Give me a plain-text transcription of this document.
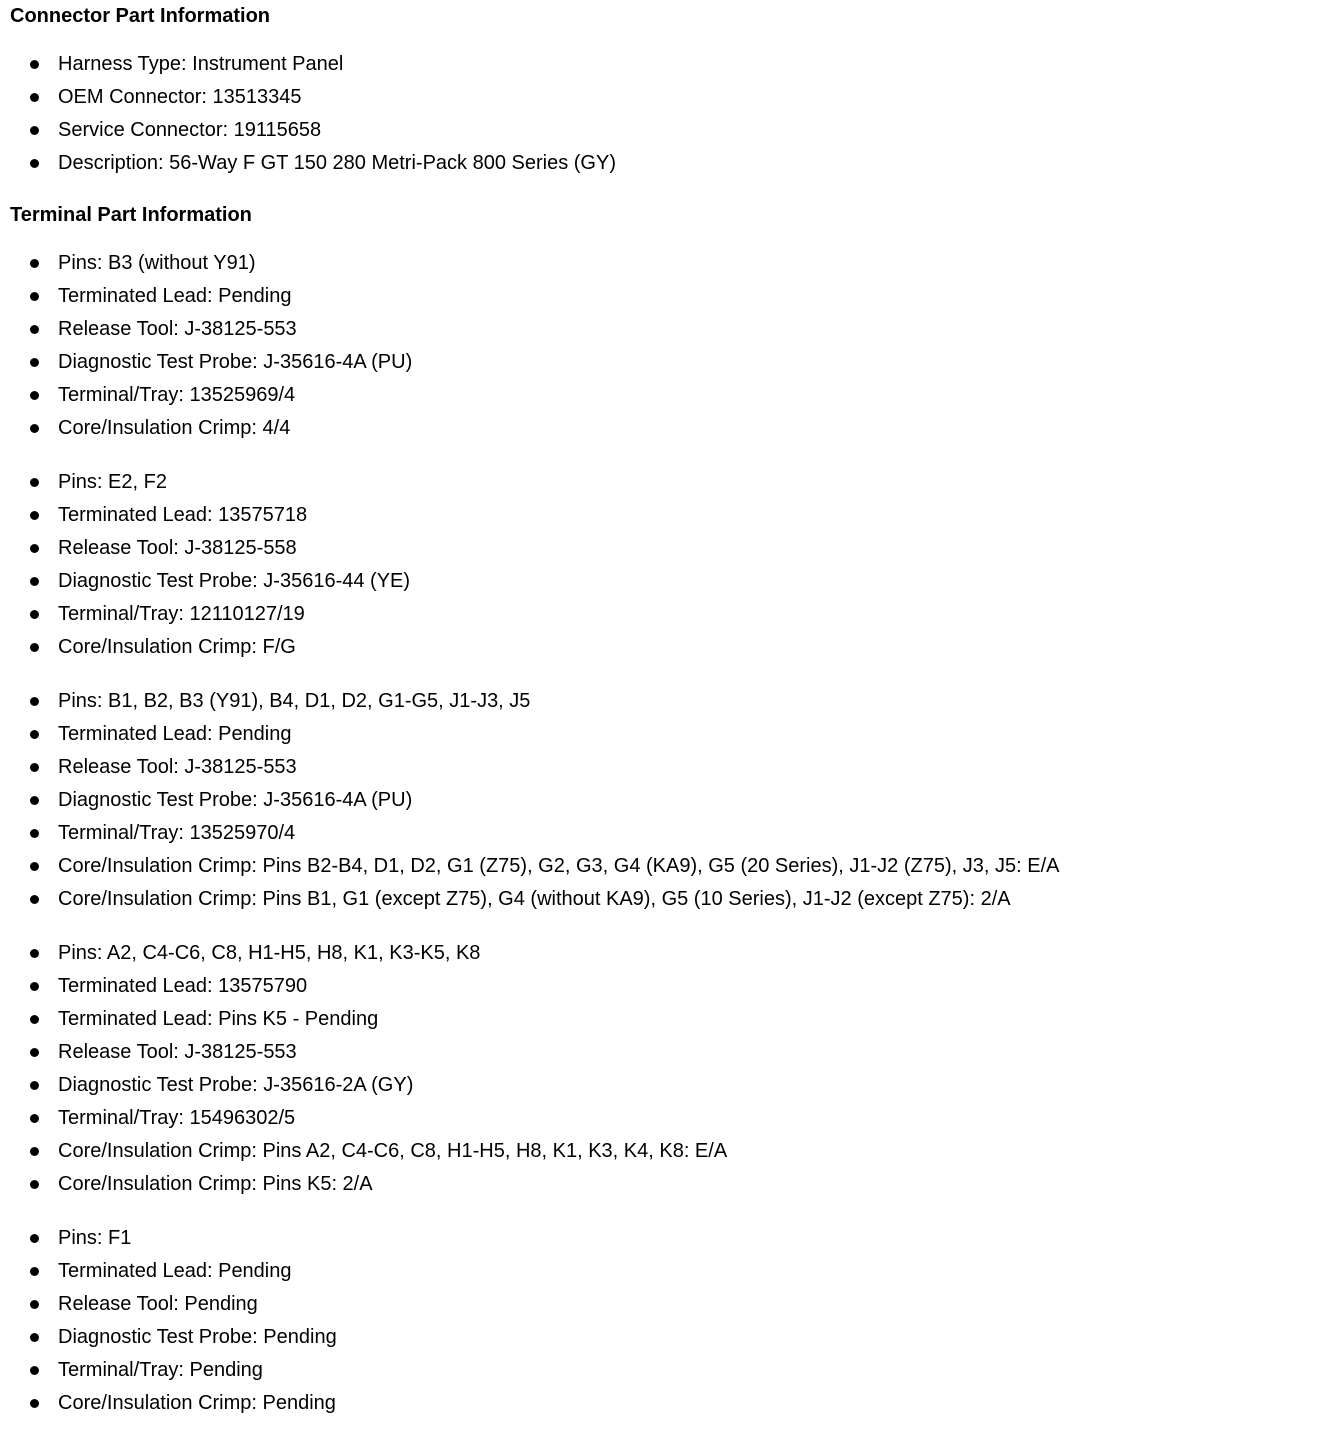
Connector Part Information
Harness Type: Instrument Panel
OEM Connector: 13513345
Service Connector: 19115658
Description: 56-Way F GT 150 280 Metri-Pack 800 Series (GY)
Terminal Part Information
Pins: B3 (without Y91)
Terminated Lead: Pending
Release Tool: J-38125-553
Diagnostic Test Probe: J-35616-4A (PU)
Terminal/Tray: 13525969/4
Core/Insulation Crimp: 4/4
Pins: E2, F2
Terminated Lead: 13575718
Release Tool: J-38125-558
Diagnostic Test Probe: J-35616-44 (YE)
Terminal/Tray: 12110127/19
Core/Insulation Crimp: F/G
Pins: B1, B2, B3 (Y91), B4, D1, D2, G1-G5, J1-J3, J5
Terminated Lead: Pending
Release Tool: J-38125-553
Diagnostic Test Probe: J-35616-4A (PU)
Terminal/Tray: 13525970/4
Core/Insulation Crimp: Pins B2-B4, D1, D2, G1 (Z75), G2, G3, G4 (KA9), G5 (20 Series), J1-J2 (Z75), J3, J5: E/A
Core/Insulation Crimp: Pins B1, G1 (except Z75), G4 (without KA9), G5 (10 Series), J1-J2 (except Z75): 2/A
Pins: A2, C4-C6, C8, H1-H5, H8, K1, K3-K5, K8
Terminated Lead: 13575790
Terminated Lead: Pins K5 - Pending
Release Tool: J-38125-553
Diagnostic Test Probe: J-35616-2A (GY)
Terminal/Tray: 15496302/5
Core/Insulation Crimp: Pins A2, C4-C6, C8, H1-H5, H8, K1, K3, K4, K8: E/A
Core/Insulation Crimp: Pins K5: 2/A
Pins: F1
Terminated Lead: Pending
Release Tool: Pending
Diagnostic Test Probe: Pending
Terminal/Tray: Pending
Core/Insulation Crimp: Pending
